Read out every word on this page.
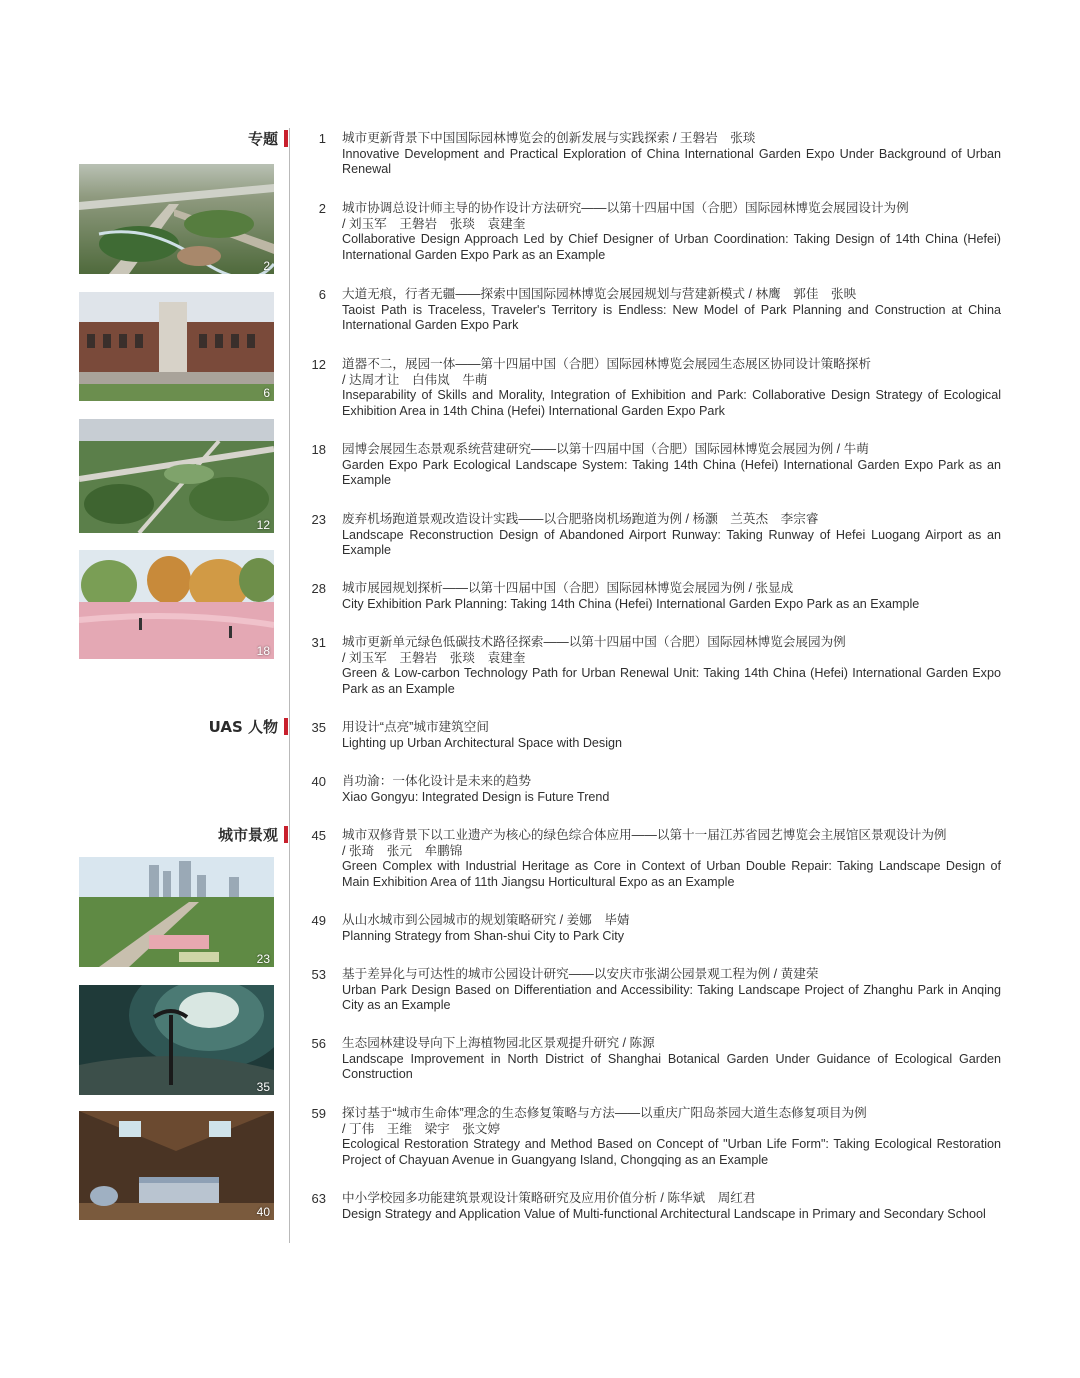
专题
UAS 人物
城市景观
2
6
12
18
23
35
40
1 城市更新背景下中国国际园林博览会的创新发展与实践探索 / 王磐岩　张琰
Innovative Development and Practical Exploration of China International Garden Expo Under Background of Urban Renewal
2 城市协调总设计师主导的协作设计方法研究——以第十四届中国（合肥）国际园林博览会展园设计为例
/ 刘玉军　王磐岩　张琰　袁建奎
Collaborative Design Approach Led by Chief Designer of Urban Coordination: Taking Design of 14th China (Hefei) International Garden Expo Park as an Example
6 大道无痕，行者无疆——探索中国国际园林博览会展园规划与营建新模式 / 林鹰　郭佳　张映
Taoist Path is Traceless, Traveler's Territory is Endless: New Model of Park Planning and Construction at China International Garden Expo Park
12 道器不二，展园一体——第十四届中国（合肥）国际园林博览会展园生态展区协同设计策略探析
/ 达周才让　白伟岚　牛萌
Inseparability of Skills and Morality, Integration of Exhibition and Park: Collaborative Design Strategy of Ecological Exhibition Area in 14th China (Hefei) International Garden Expo Park
18 园博会展园生态景观系统营建研究——以第十四届中国（合肥）国际园林博览会展园为例 / 牛萌
Garden Expo Park Ecological Landscape System: Taking 14th China (Hefei) International Garden Expo Park as an Example
23 废弃机场跑道景观改造设计实践——以合肥骆岗机场跑道为例 / 杨灏　兰英杰　李宗睿
Landscape Reconstruction Design of Abandoned Airport Runway: Taking Runway of Hefei Luogang Airport as an Example
28 城市展园规划探析——以第十四届中国（合肥）国际园林博览会展园为例 / 张显成
City Exhibition Park Planning: Taking 14th China (Hefei) International Garden Expo Park as an Example
31 城市更新单元绿色低碳技术路径探索——以第十四届中国（合肥）国际园林博览会展园为例
/ 刘玉军　王磐岩　张琰　袁建奎
Green & Low-carbon Technology Path for Urban Renewal Unit: Taking 14th China (Hefei) International Garden Expo Park as an Example
35 用设计“点亮”城市建筑空间
Lighting up Urban Architectural Space with Design
40 肖功渝：一体化设计是未来的趋势
Xiao Gongyu: Integrated Design is Future Trend
45 城市双修背景下以工业遗产为核心的绿色综合体应用——以第十一届江苏省园艺博览会主展馆区景观设计为例
/ 张琦　张元　牟鹏锦
Green Complex with Industrial Heritage as Core in Context of Urban Double Repair: Taking Landscape Design of Main Exhibition Area of 11th Jiangsu Horticultural Expo as an Example
49 从山水城市到公园城市的规划策略研究 / 姜娜　毕婧
Planning Strategy from Shan-shui City to Park City
53 基于差异化与可达性的城市公园设计研究——以安庆市张湖公园景观工程为例 / 黄建荣
Urban Park Design Based on Differentiation and Accessibility: Taking Landscape Project of Zhanghu Park in Anqing City as an Example
56 生态园林建设导向下上海植物园北区景观提升研究 / 陈源
Landscape Improvement in North District of Shanghai Botanical Garden Under Guidance of Ecological Garden Construction
59 探讨基于“城市生命体”理念的生态修复策略与方法——以重庆广阳岛茶园大道生态修复项目为例
/ 丁伟　王维　梁宇　张文婷
Ecological Restoration Strategy and Method Based on Concept of "Urban Life Form": Taking Ecological Restoration Project of Chayuan Avenue in Guangyang Island, Chongqing as an Example
63 中小学校园多功能建筑景观设计策略研究及应用价值分析 / 陈华斌　周红君
Design Strategy and Application Value of Multi-functional Architectural Landscape in Primary and Secondary School
